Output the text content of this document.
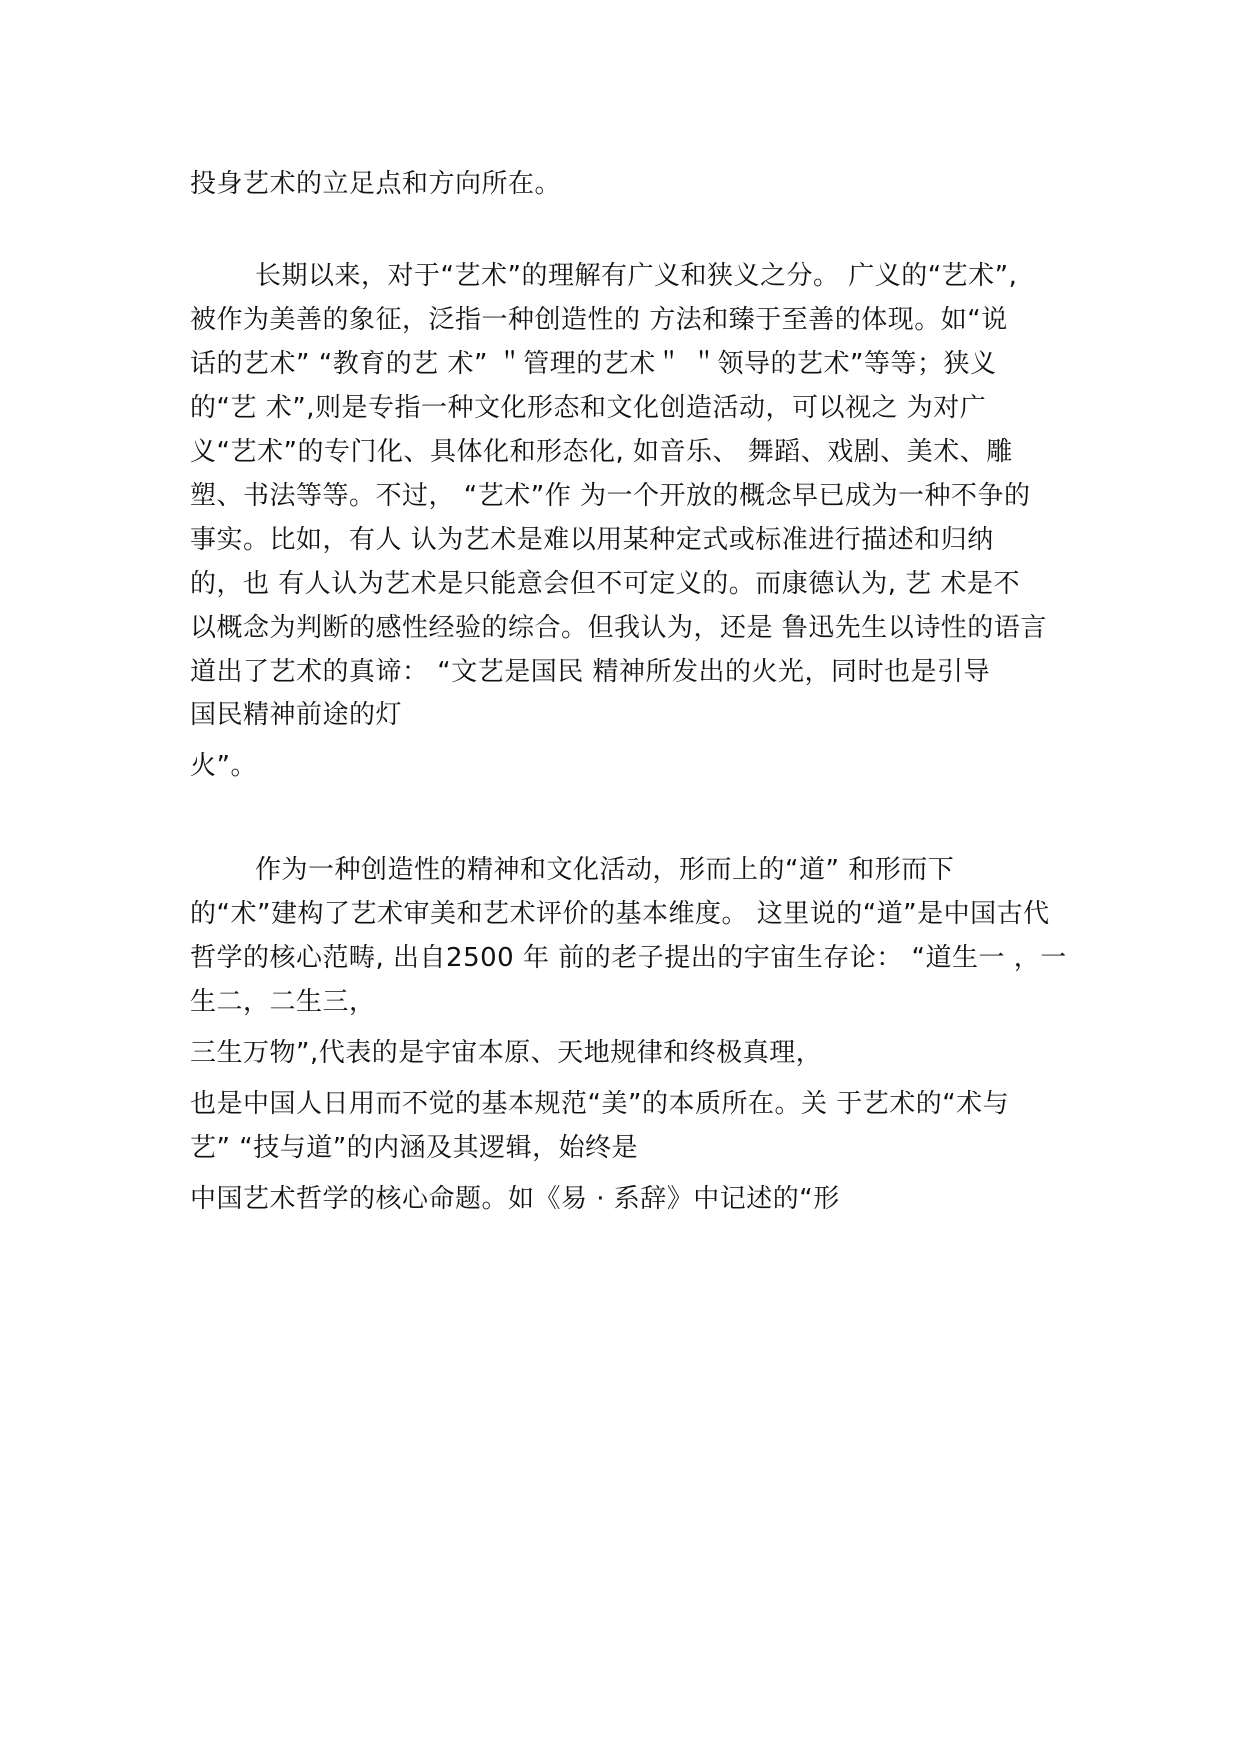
投身艺术的立足点和方向所在。
长期以来，对于“艺术”的理解有广义和狭义之分。 广义的“艺术”,
被作为美善的象征，泛指一种创造性的 方法和臻于至善的体现。如“说
话的艺术” “教育的艺 术” ＂管理的艺术＂ ＂领导的艺术”等等；狭义
的“艺 术”,则是专指一种文化形态和文化创造活动，可以视之 为对广
义“艺术”的专门化、具体化和形态化, 如音乐、 舞蹈、戏剧、美术、雕
塑、书法等等。不过， “艺术”作 为一个开放的概念早已成为一种不争的
事实。比如，有人 认为艺术是难以用某种定式或标准进行描述和归纳
的，也 有人认为艺术是只能意会但不可定义的。而康德认为, 艺 术是不
以概念为判断的感性经验的综合。但我认为，还是 鲁迅先生以诗性的语言
道出了艺术的真谛： “文艺是国民 精神所发出的火光，同时也是引导
国民精神前途的灯
火”。
作为一种创造性的精神和文化活动，形而上的“道” 和形而下
的“术”建构了艺术审美和艺术评价的基本维度。 这里说的“道”是中国古代
哲学的核心范畴, 出自2500 年 前的老子提出的宇宙生存论： “道生一 ，一
生二，二生三，
三生万物”,代表的是宇宙本原、天地规律和终极真理，
也是中国人日用而不觉的基本规范“美”的本质所在。关 于艺术的“术与
艺” “技与道”的内涵及其逻辑，始终是
中国艺术哲学的核心命题。如《易 · 系辞》中记述的“形
